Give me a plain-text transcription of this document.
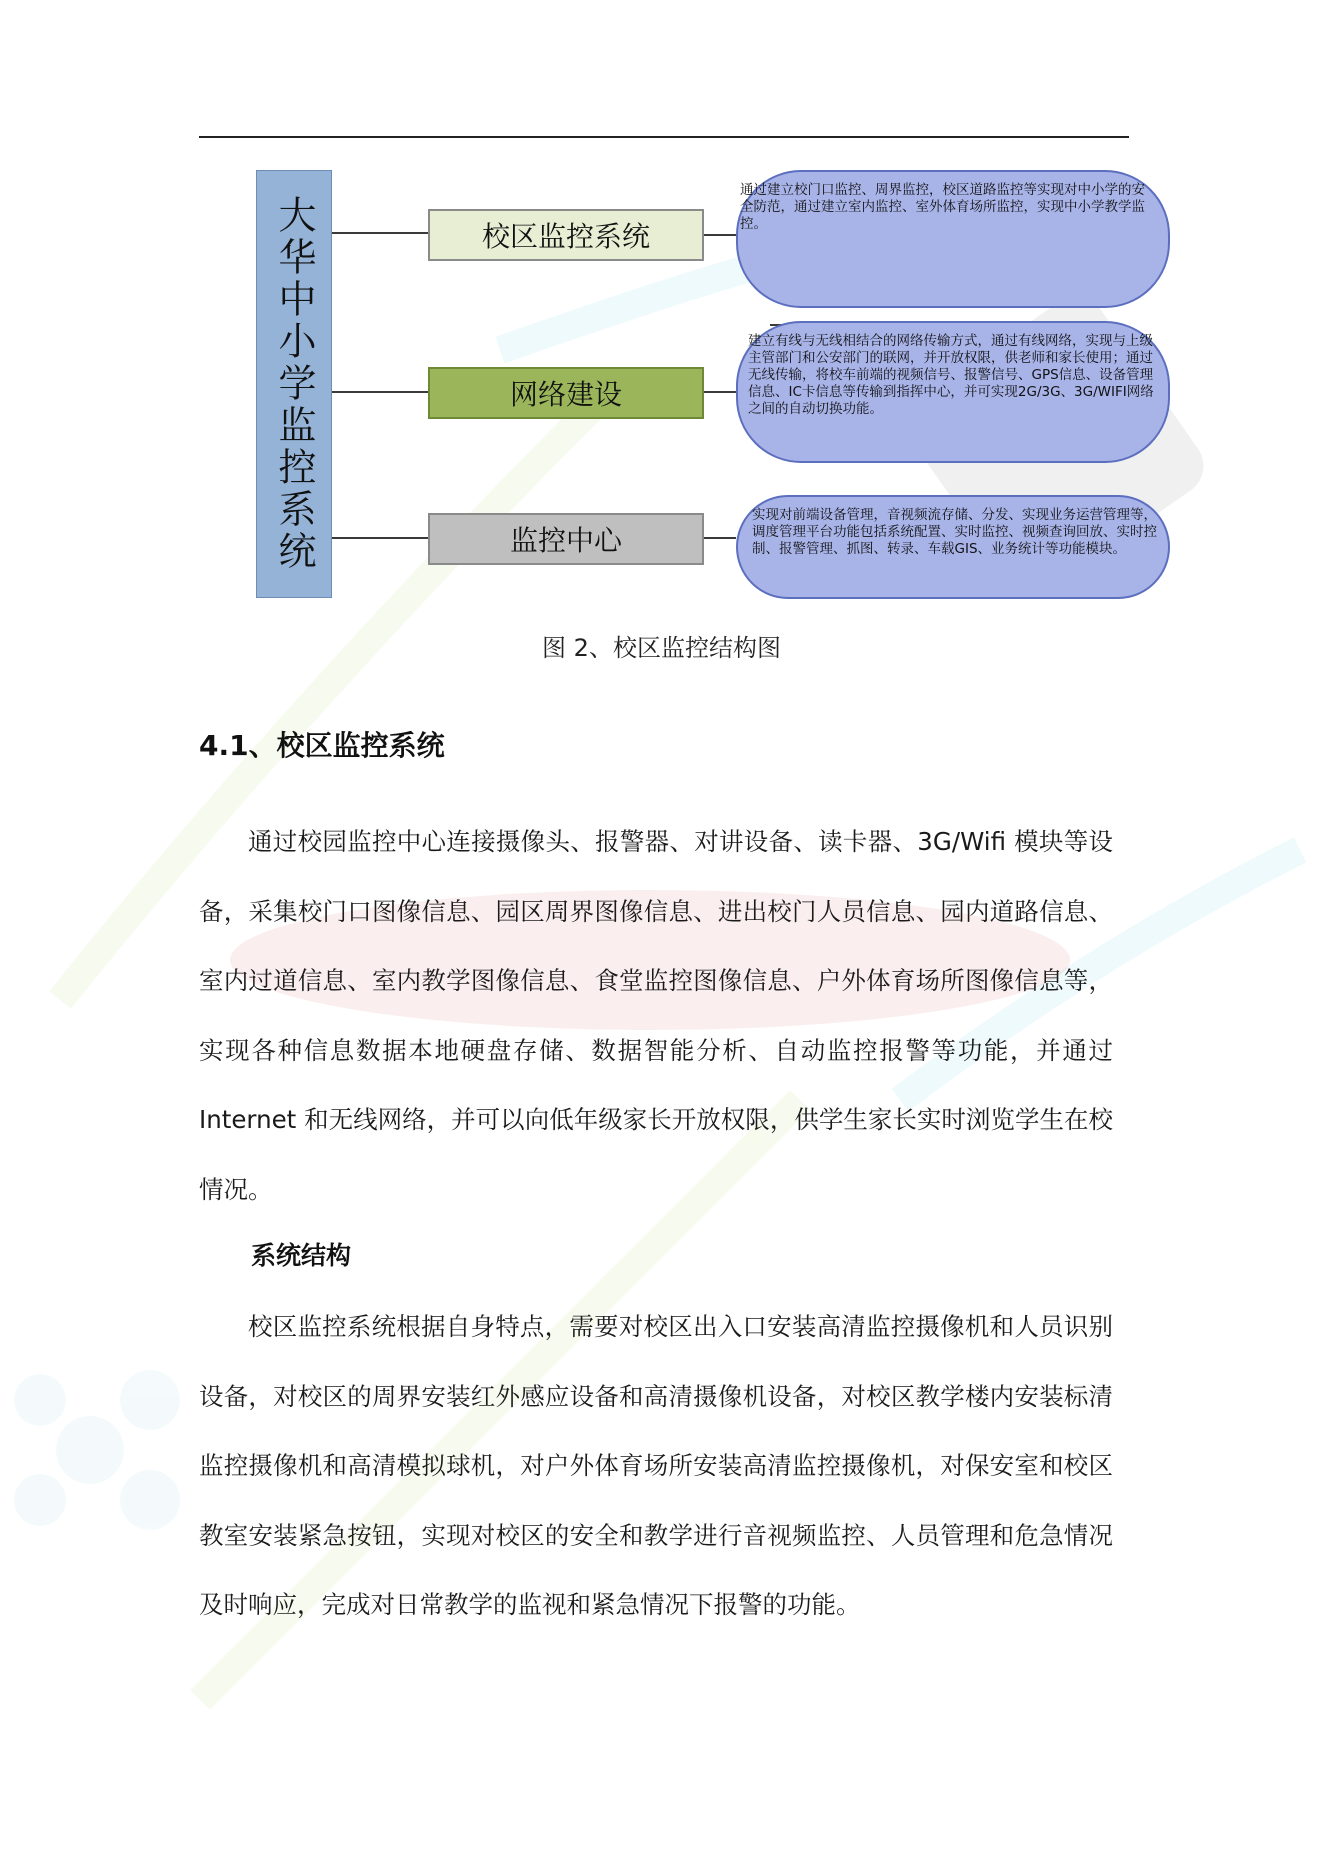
大华中小学监控系统	校区监控系统
网络建设
监控中心
通过建立校门口监控、周界监控，校区道路监控等实现对中小学的安全防范，通过建立室内监控、室外体育场所监控，实现中小学教学监控。
建立有线与无线相结合的网络传输方式，通过有线网络，实现与上级主管部门和公安部门的联网，并开放权限，供老师和家长使用；通过无线传输，将校车前端的视频信号、报警信号、GPS信息、设备管理信息、IC卡信息等传输到指挥中心，并可实现2G/3G、3G/WIFI网络之间的自动切换功能。
实现对前端设备管理，音视频流存储、分发、实现业务运营管理等，调度管理平台功能包括系统配置、实时监控、视频查询回放、实时控制、报警管理、抓图、转录、车载GIS、业务统计等功能模块。
图 2、校区监控结构图
4.1、校区监控系统

通过校园监控中心连接摄像头、报警器、对讲设备、读卡器、3G/Wifi 模块等设备，采集校门口图像信息、园区周界图像信息、进出校门人员信息、园内道路信息、室内过道信息、室内教学图像信息、食堂监控图像信息、户外体育场所图像信息等，实现各种信息数据本地硬盘存储、数据智能分析、自动监控报警等功能，并通过 Internet 和无线网络，并可以向低年级家长开放权限，供学生家长实时浏览学生在校情况。

系统结构

校区监控系统根据自身特点，需要对校区出入口安装高清监控摄像机和人员识别设备，对校区的周界安装红外感应设备和高清摄像机设备，对校区教学楼内安装标清监控摄像机和高清模拟球机，对户外体育场所安装高清监控摄像机，对保安室和校区教室安装紧急按钮，实现对校区的安全和教学进行音视频监控、人员管理和危急情况及时响应，完成对日常教学的监视和紧急情况下报警的功能。
